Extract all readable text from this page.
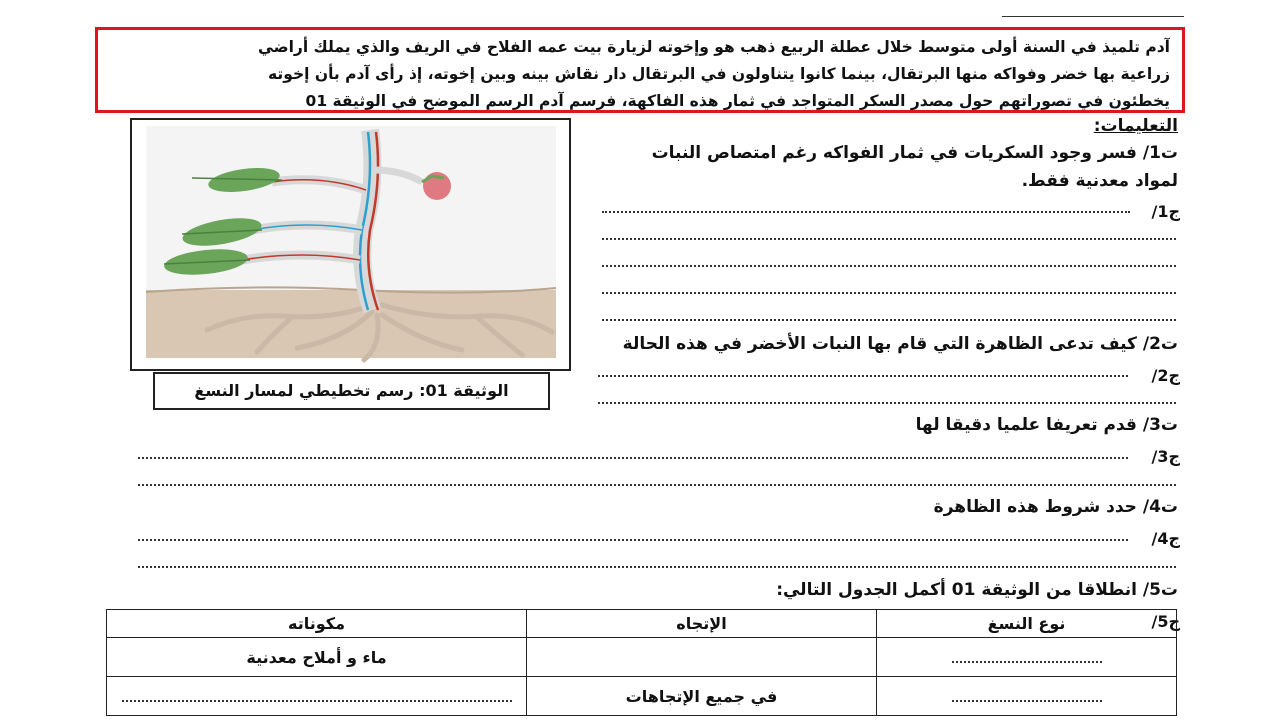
آدم تلميذ في السنة أولى متوسط خلال عطلة الربيع ذهب هو وإخوته لزيارة بيت عمه الفلاح في الريف والذي يملك أراضي

زراعية بها خضر وفواكه منها البرتقال، بينما كانوا يتناولون في البرتقال دار نقاش بينه وبين إخوته، إذ رأى آدم بأن إخوته

يخطئون في تصوراتهم حول مصدر السكر المتواجد في ثمار هذه الفاكهة، فرسم آدم الرسم الموضح في الوثيقة 01

الوثيقة 01: رسم تخطيطي لمسار النسغ
التعليمات:
ت1/ فسر وجود السكريات في ثمار الفواكه رغم امتصاص النبات
لمواد معدنية فقط.
ج1/
ت2/ كيف تدعى الظاهرة التي قام بها النبات الأخضر في هذه الحالة
ج2/
ت3/ قدم تعريفا علميا دقيقا لها
ج3/
ت4/ حدد شروط هذه الظاهرة
ج4/
ت5/ انطلاقا من الوثيقة 01 أكمل الجدول التالي:
ج5/
نوع النسغ	الإتجاه	مكوناته
		ماء و أملاح معدنية
	في جميع الإتجاهات	
